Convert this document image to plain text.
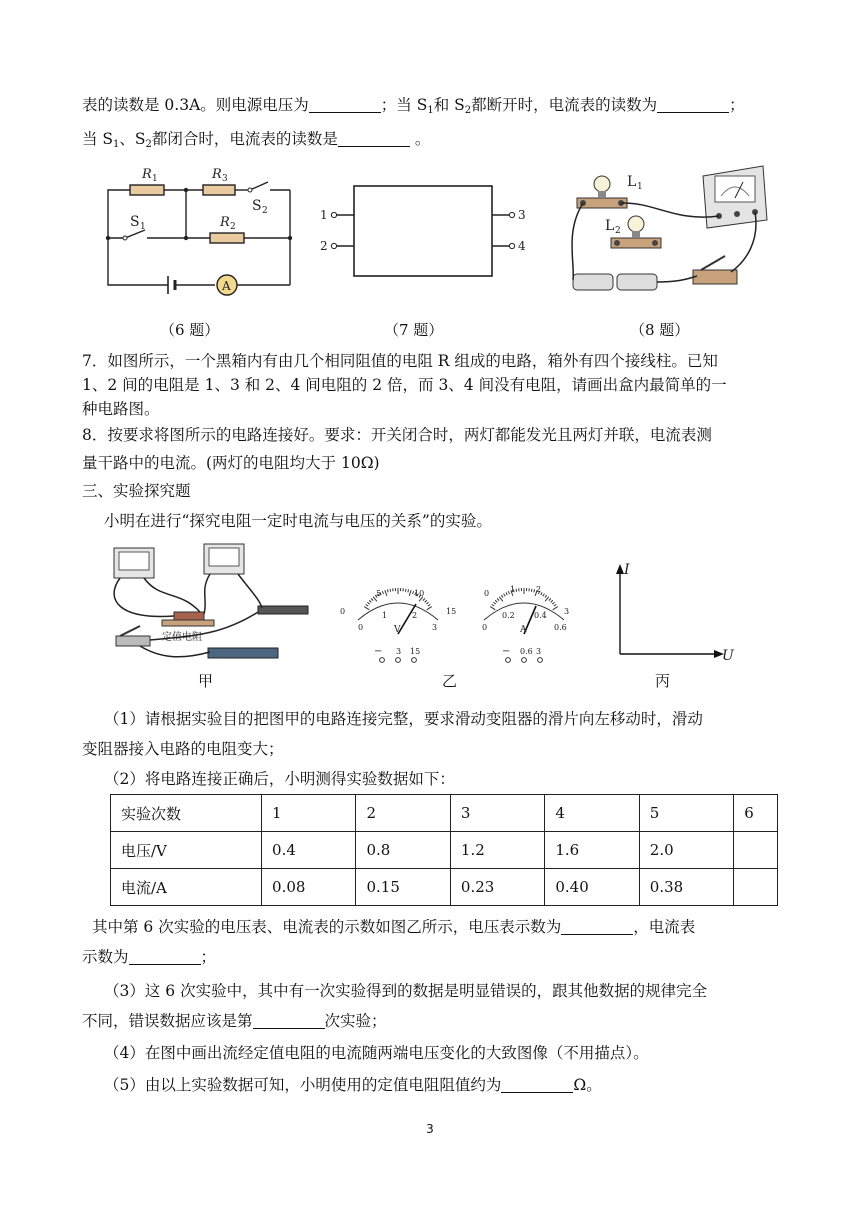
表的读数是 0.3A。则电源电压为	；当 $S_1$和 $S_2$都断开时，电流表的读数为	；
当 $S_1$、$S_2$都闭合时，电流表的读数是	。
R 1	R 3
S 2
S 1	R 2
A
1
2
3
4
L 1
L 2
（6 题）	（7 题）	（8 题）
7．如图所示，一个黑箱内有由几个相同阻值的电阻 R 组成的电路，箱外有四个接线柱。已知
1、2 间的电阻是 1、3 和 2、4 间电阻的 2 倍，而 3、4 间没有电阻，请画出盒内最简单的一
种电路图。
8．按要求将图所示的电路连接好。要求：开关闭合时，两灯都能发光且两灯并联，电流表测
量干路中的电流。(两灯的电阻均大于 10Ω)
三、实验探究题
小明在进行“探究电阻一定时电流与电压的关系”的实验。
定值电阻
0
5	10
15
0
1	2
3
V
0	1	2
3
0
0.2 0.4
0.6
A
− 3 15	− 0.6 3
I
U
甲	乙	丙
（1）请根据实验目的把图甲的电路连接完整，要求滑动变阻器的滑片向左移动时，滑动
变阻器接入电路的电阻变大；
（2）将电路连接正确后，小明测得实验数据如下：
实验次数	1	2	3	4	5	6
电压/V	0.4	0.8	1.2	1.6	2.0	
电流/A	0.08	0.15	0.23	0.40	0.38	
其中第 6 次实验的电压表、电流表的示数如图乙所示，电压表示数为	，电流表
示数为	；
（3）这 6 次实验中，其中有一次实验得到的数据是明显错误的，跟其他数据的规律完全
不同，错误数据应该是第	次实验；
（4）在图中画出流经定值电阻的电流随两端电压变化的大致图像（不用描点）。
（5）由以上实验数据可知，小明使用的定值电阻阻值约为	Ω。
3
